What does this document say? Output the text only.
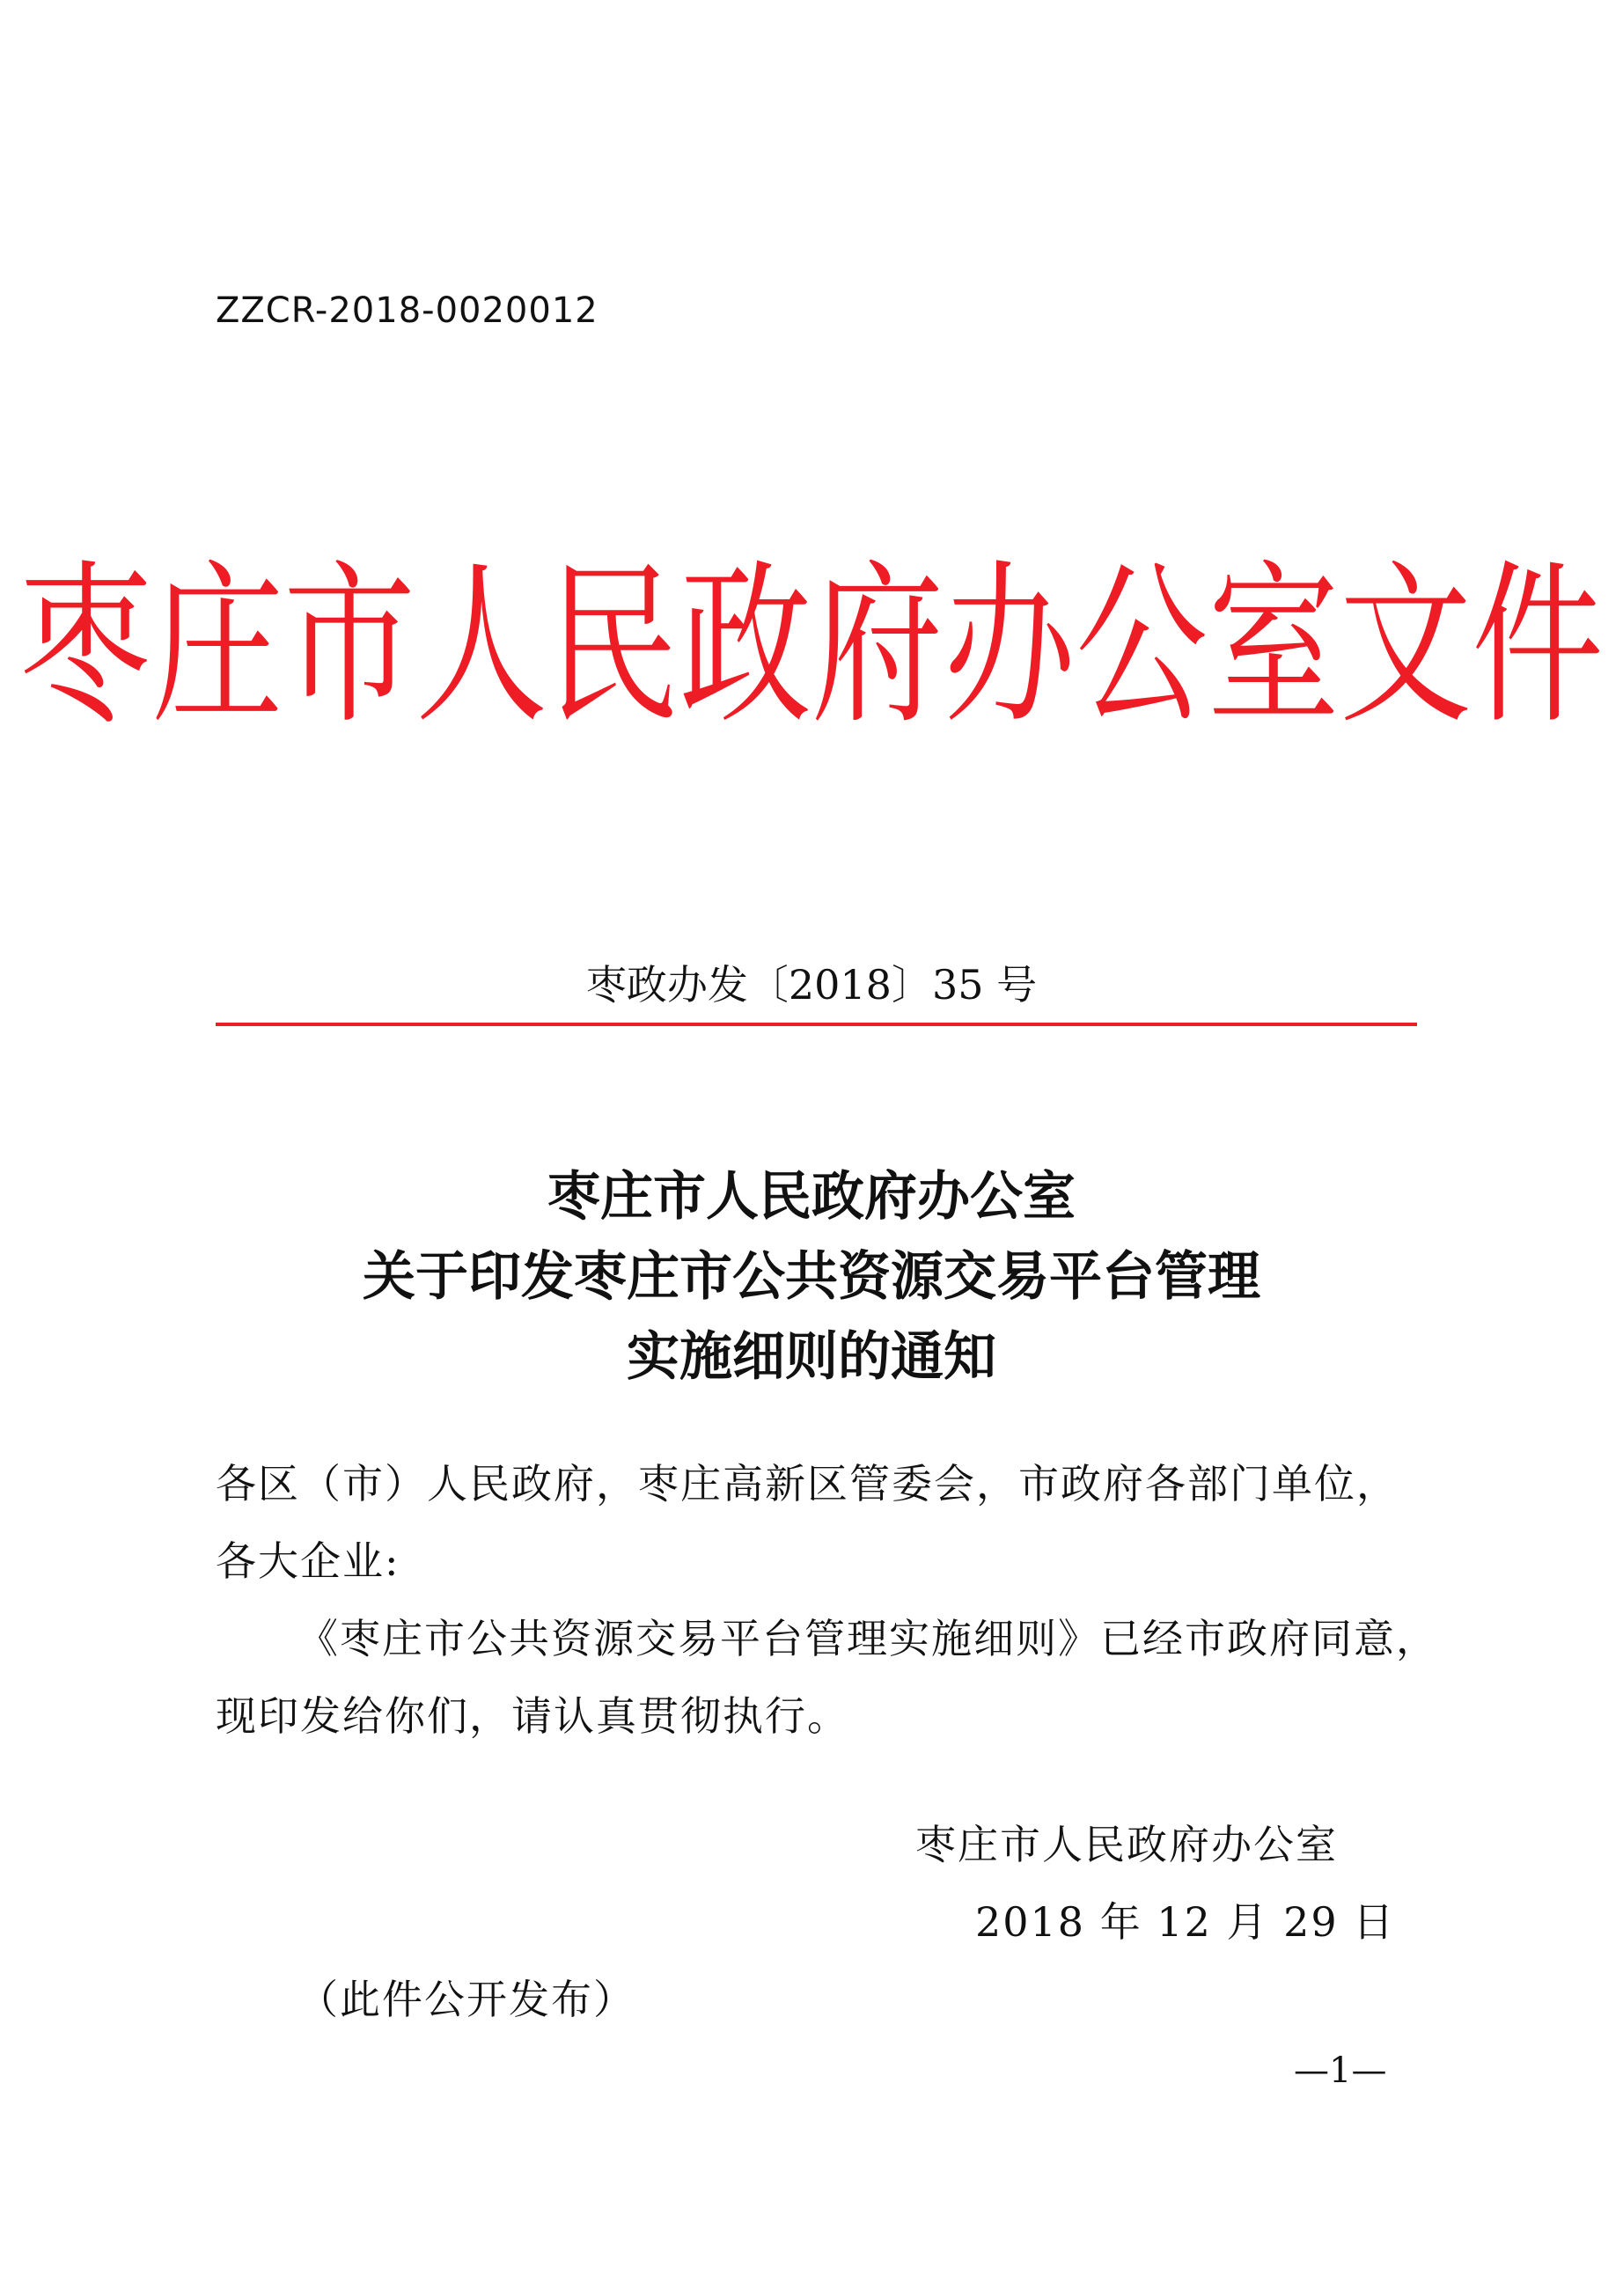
ZZCR-2018-0020012
枣庄市人民政府办公室文件
枣政办发〔2018〕35 号
枣庄市人民政府办公室
关于印发枣庄市公共资源交易平台管理
实施细则的通知
各区（市）人民政府，枣庄高新区管委会，市政府各部门单位，
各大企业:
《枣庄市公共资源交易平台管理实施细则》已经市政府同意，
现印发给你们，请认真贯彻执行。
枣庄市人民政府办公室
2018 年 12 月 29 日
（此件公开发布）
—1—
